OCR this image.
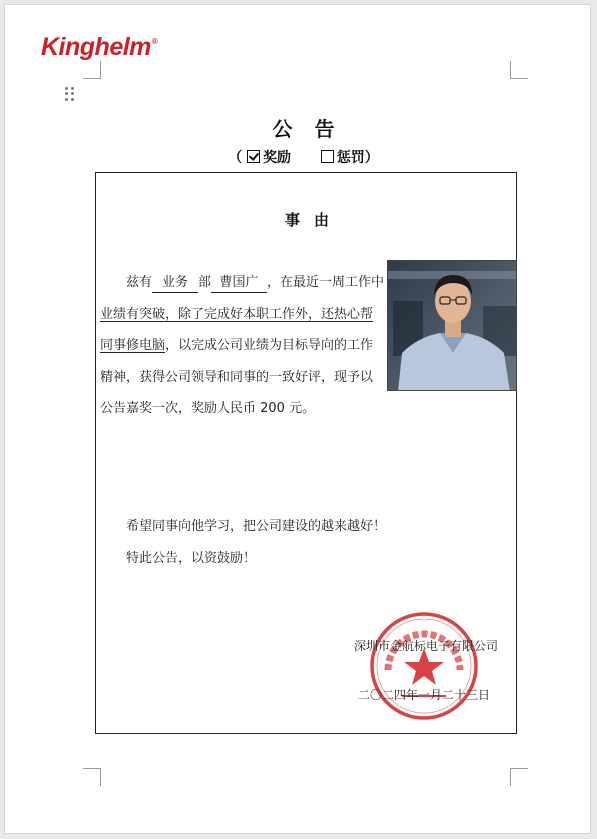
Kinghelm®
公告
（ 奖励	惩罚）
事由

兹有 业务 部 曹国广 ，在最近一周工作中业绩有突破，除了完成好本职工作外，还热心帮同事修电脑，以完成公司业绩为目标导向的工作精神，获得公司领导和同事的一致好评，现予以公告嘉奖一次，奖励人民币 200 元。

希望同事向他学习，把公司建设的越来越好！

特此公告，以资鼓励！

深圳市金航标电子有限公司
二〇二四年一月二十三日
